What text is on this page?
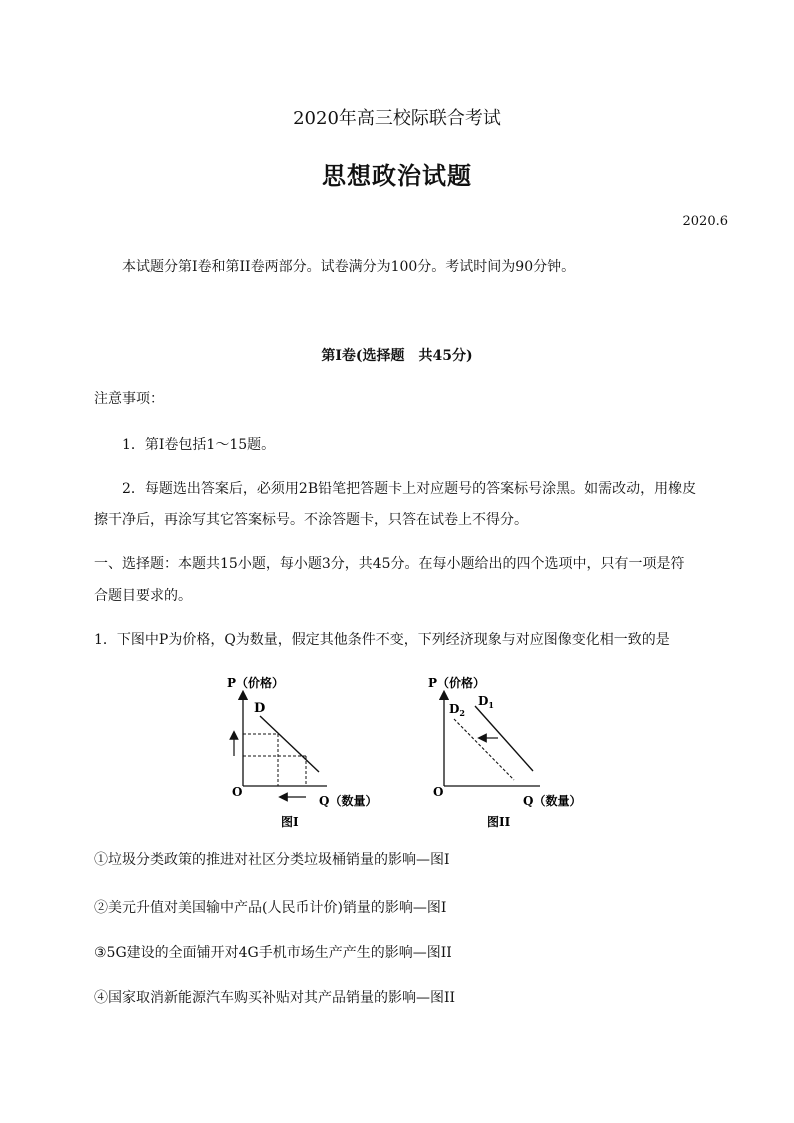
2020年高三校际联合考试
思想政治试题
2020.6
本试题分第I卷和第II卷两部分。试卷满分为100分。考试时间为90分钟。
第Ⅰ卷(选择题　共45分)
注意事项：
1．第I卷包括1～15题。
2．每题选出答案后，必须用2B铅笔把答题卡上对应题号的答案标号涂黑。如需改动，用橡皮
擦干净后，再涂写其它答案标号。不涂答题卡，只答在试卷上不得分。
一、选择题：本题共15小题，每小题3分，共45分。在每小题给出的四个选项中，只有一项是符
合题目要求的。
1．下图中P为价格，Q为数量，假定其他条件不变，下列经济现象与对应图像变化相一致的是
P（价格）
O
D
Q（数量）
图I
P（价格）
O
$D_1$
$D_2$
Q（数量）
图II
①垃圾分类政策的推进对社区分类垃圾桶销量的影响—图I
②美元升值对美国输中产品(人民币计价)销量的影响—图I
③5G建设的全面铺开对4G手机市场生产产生的影响—图II
④国家取消新能源汽车购买补贴对其产品销量的影响—图II
